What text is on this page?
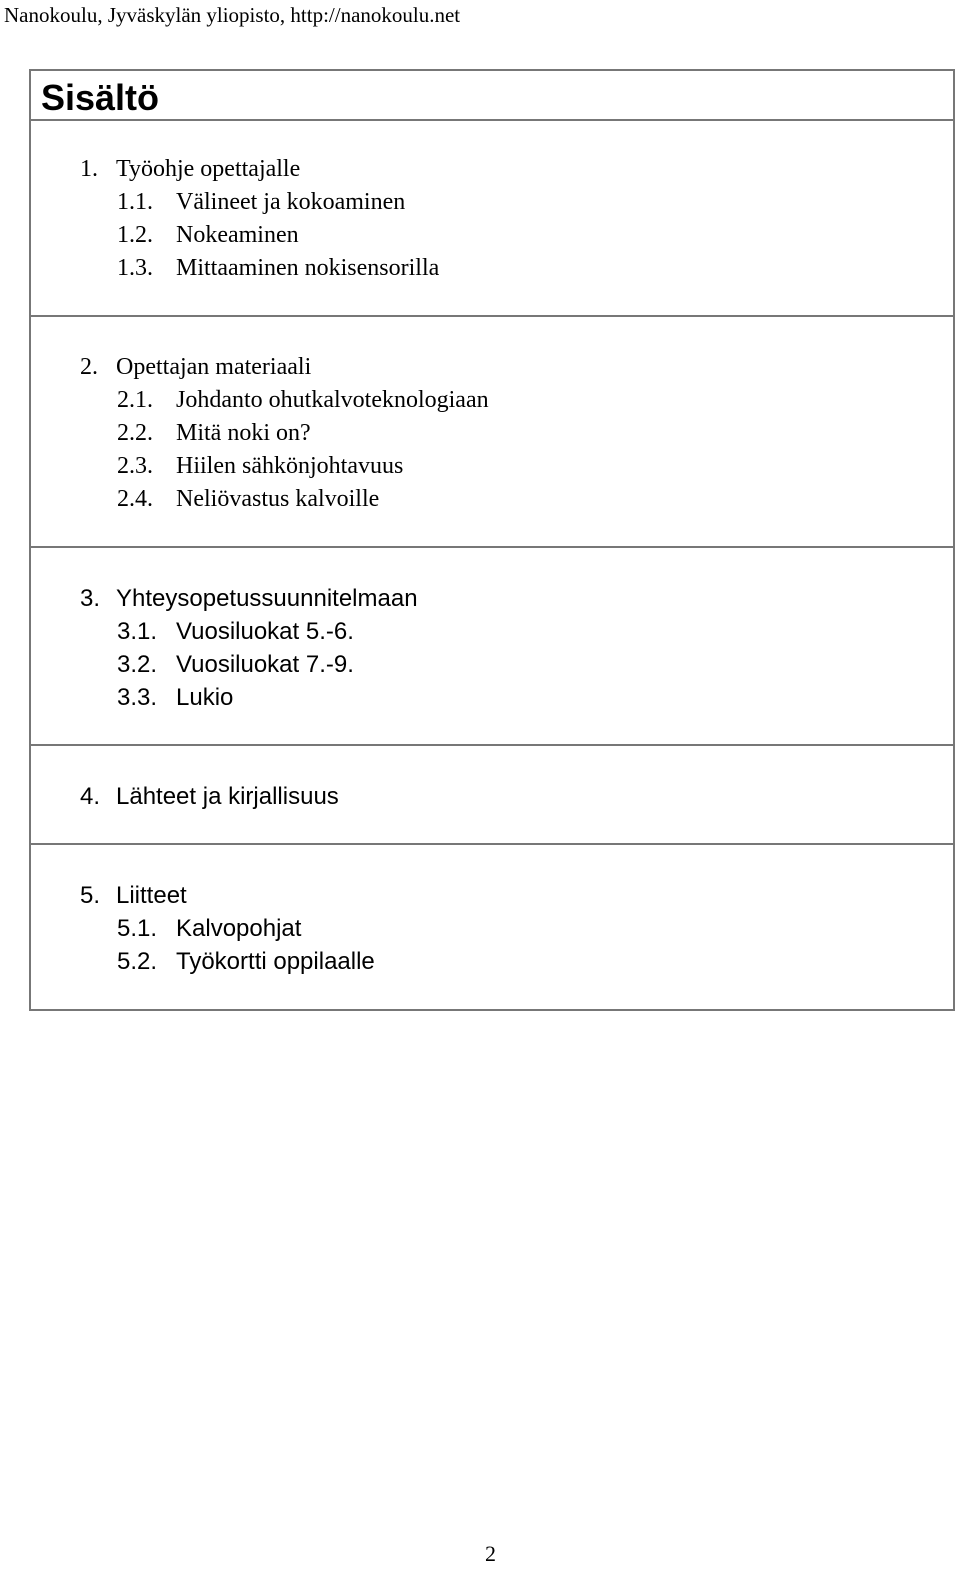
Nanokoulu, Jyväskylän yliopisto, http://nanokoulu.net
Sisältö
1. Työohje opettajalle
1.1. Välineet ja kokoaminen
1.2. Nokeaminen
1.3. Mittaaminen nokisensorilla
2. Opettajan materiaali
2.1. Johdanto ohutkalvoteknologiaan
2.2. Mitä noki on?
2.3. Hiilen sähkönjohtavuus
2.4. Neliövastus kalvoille
3. Yhteysopetussuunnitelmaan
3.1. Vuosiluokat 5.-6.
3.2. Vuosiluokat 7.-9.
3.3. Lukio
4. Lähteet ja kirjallisuus
5. Liitteet
5.1. Kalvopohjat
5.2. Työkortti oppilaalle
2
